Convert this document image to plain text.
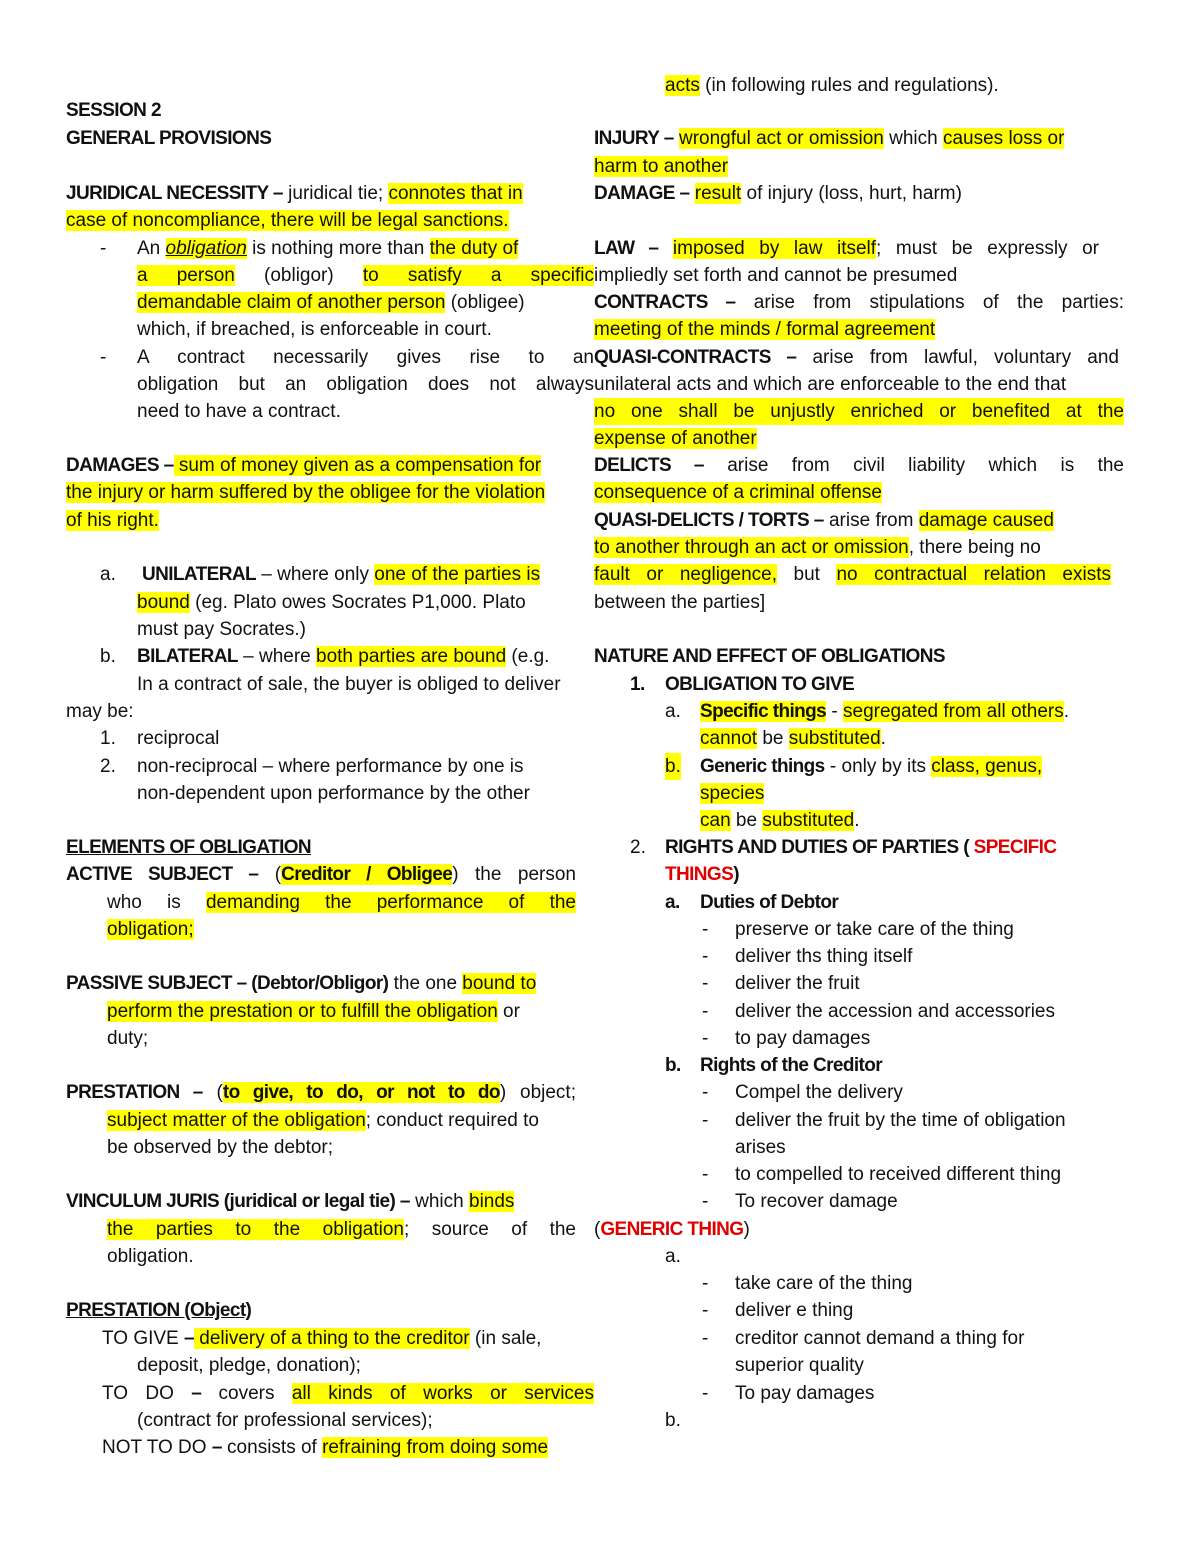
SESSION 2
GENERAL PROVISIONS
JURIDICAL NECESSITY – juridical tie; connotes that in
case of noncompliance, there will be legal sanctions.
-	An obligation is nothing more than the duty of
a person (obligor) to satisfy a specific
demandable claim of another person (obligee)
which, if breached, is enforceable in court.
-	A contract necessarily gives rise to an
obligation but an obligation does not always
need to have a contract.
DAMAGES – sum of money given as a compensation for
the injury or harm suffered by the obligee for the violation
of his right.
a.	UNILATERAL – where only one of the parties is
bound (eg. Plato owes Socrates P1,000. Plato
must pay Socrates.)
b.	BILATERAL – where both parties are bound (e.g.
In a contract of sale, the buyer is obliged to deliver
may be:
1.	reciprocal
2.	non-reciprocal – where performance by one is
non-dependent upon performance by the other
ELEMENTS OF OBLIGATION
ACTIVE SUBJECT – (Creditor / Obligee) the person
who is demanding the performance of the
obligation;
PASSIVE SUBJECT – (Debtor/Obligor) the one bound to
perform the prestation or to fulfill the obligation or
duty;
PRESTATION – (to give, to do, or not to do) object;
subject matter of the obligation; conduct required to
be observed by the debtor;
VINCULUM JURIS (juridical or legal tie) – which binds
the parties to the obligation; source of the
obligation.
PRESTATION (Object)
TO GIVE – delivery of a thing to the creditor (in sale,
deposit, pledge, donation);
TO DO – covers all kinds of works or services
(contract for professional services);
NOT TO DO – consists of refraining from doing some
acts (in following rules and regulations).
INJURY – wrongful act or omission which causes loss or
harm to another
DAMAGE – result of injury (loss, hurt, harm)
LAW – imposed by law itself; must be expressly or
impliedly set forth and cannot be presumed
CONTRACTS – arise from stipulations of the parties:
meeting of the minds / formal agreement
QUASI-CONTRACTS – arise from lawful, voluntary and
unilateral acts and which are enforceable to the end that
no one shall be unjustly enriched or benefited at the
expense of another
DELICTS – arise from civil liability which is the
consequence of a criminal offense
QUASI-DELICTS / TORTS – arise from damage caused
to another through an act or omission, there being no
fault or negligence, but no contractual relation exists
between the parties]
NATURE AND EFFECT OF OBLIGATIONS
1.	OBLIGATION TO GIVE
a.	Specific things - segregated from all others.
cannot be substituted.
b. Generic things - only by its class, genus,
species
can be substituted.
2.	RIGHTS AND DUTIES OF PARTIES ( SPECIFIC
THINGS)
a.	Duties of Debtor
-	preserve or take care of the thing
-	deliver ths thing itself
-	deliver the fruit
-	deliver the accession and accessories
-	to pay damages
b.	Rights of the Creditor
-	Compel the delivery
-	deliver the fruit by the time of obligation
arises
-	to compelled to received different thing
-	To recover damage
(GENERIC THING)
a.
-	take care of the thing
-	deliver e thing
-	creditor cannot demand a thing for
superior quality
-	To pay damages
b.
